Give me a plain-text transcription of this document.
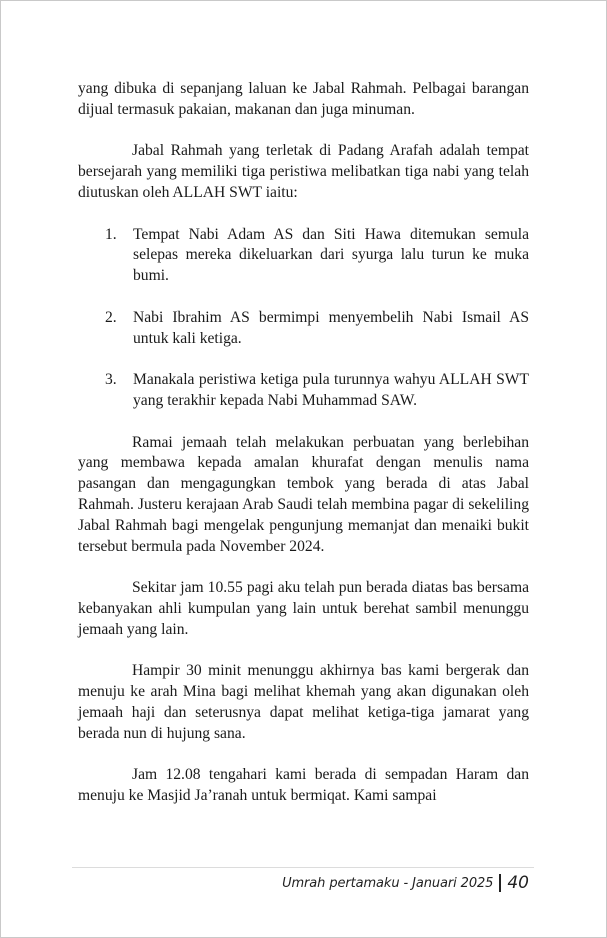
yang dibuka di sepanjang laluan ke Jabal Rahmah. Pelbagai barangan dijual termasuk pakaian, makanan dan juga minuman.

Jabal Rahmah yang terletak di Padang Arafah adalah tempat bersejarah yang memiliki tiga peristiwa melibatkan tiga nabi yang telah diutuskan oleh ALLAH SWT iaitu:

1. Tempat Nabi Adam AS dan Siti Hawa ditemukan semula selepas mereka dikeluarkan dari syurga lalu turun ke muka bumi.
2. Nabi Ibrahim AS bermimpi menyembelih Nabi Ismail AS untuk kali ketiga.
3. Manakala peristiwa ketiga pula turunnya wahyu ALLAH SWT yang terakhir kepada Nabi Muhammad SAW.

Ramai jemaah telah melakukan perbuatan yang berlebihan yang membawa kepada amalan khurafat dengan menulis nama pasangan dan mengagungkan tembok yang berada di atas Jabal Rahmah. Justeru kerajaan Arab Saudi telah membina pagar di sekeliling Jabal Rahmah bagi mengelak pengunjung memanjat dan menaiki bukit tersebut bermula pada November 2024.

Sekitar jam 10.55 pagi aku telah pun berada diatas bas bersama kebanyakan ahli kumpulan yang lain untuk berehat sambil menunggu jemaah yang lain.

Hampir 30 minit menunggu akhirnya bas kami bergerak dan menuju ke arah Mina bagi melihat khemah yang akan digunakan oleh jemaah haji dan seterusnya dapat melihat ketiga-tiga jamarat yang berada nun di hujung sana.

Jam 12.08 tengahari kami berada di sempadan Haram dan menuju ke Masjid Ja’ranah untuk bermiqat. Kami sampai

Umrah pertamaku - Januari 2025 40
